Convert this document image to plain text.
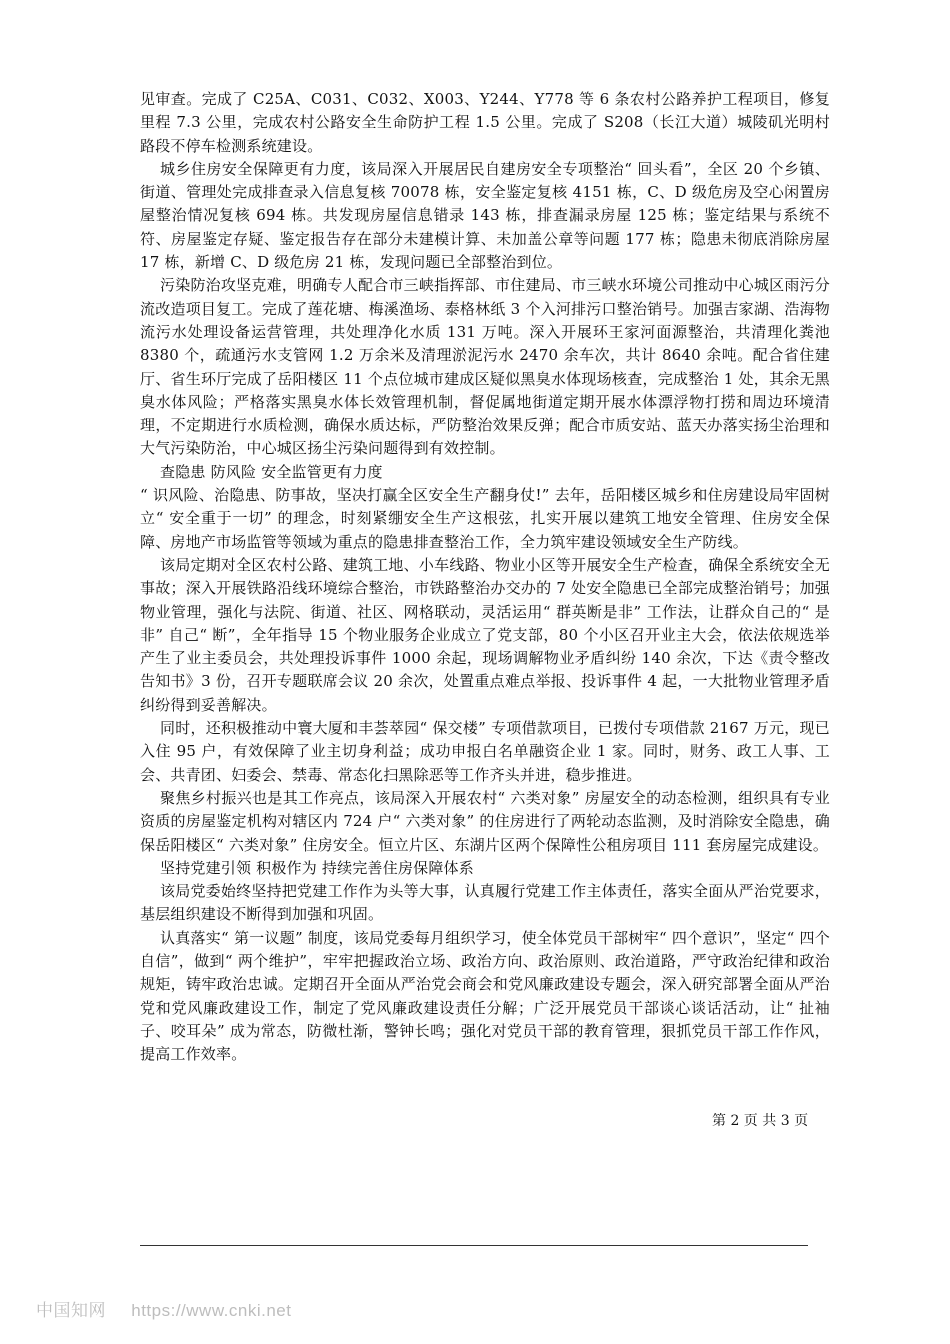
见审查。完成了 C25A、C031、C032、X003、Y244、Y778 等 6 条农村公路养护工程项目，修复里程 7.3 公里，完成农村公路安全生命防护工程 1.5 公里。完成了 S208（长江大道）城陵矶光明村路段不停车检测系统建设。

城乡住房安全保障更有力度，该局深入开展居民自建房安全专项整治“ 回头看”，全区 20 个乡镇、街道、管理处完成排查录入信息复核 70078 栋，安全鉴定复核 4151 栋，C、D 级危房及空心闲置房屋整治情况复核 694 栋。共发现房屋信息错录 143 栋，排查漏录房屋 125 栋；鉴定结果与系统不符、房屋鉴定存疑、鉴定报告存在部分未建模计算、未加盖公章等问题 177 栋；隐患未彻底消除房屋 17 栋，新增 C、D 级危房 21 栋，发现问题已全部整治到位。

污染防治攻坚克难，明确专人配合市三峡指挥部、市住建局、市三峡水环境公司推动中心城区雨污分流改造项目复工。完成了莲花塘、梅溪渔场、泰格林纸 3 个入河排污口整治销号。加强吉家湖、浩海物流污水处理设备运营管理，共处理净化水质 131 万吨。深入开展环王家河面源整治，共清理化粪池 8380 个，疏通污水支管网 1.2 万余米及清理淤泥污水 2470 余车次，共计 8640 余吨。配合省住建厅、省生环厅完成了岳阳楼区 11 个点位城市建成区疑似黑臭水体现场核查，完成整治 1 处，其余无黑臭水体风险；严格落实黑臭水体长效管理机制，督促属地街道定期开展水体漂浮物打捞和周边环境清理，不定期进行水质检测，确保水质达标，严防整治效果反弹；配合市质安站、蓝天办落实扬尘治理和大气污染防治，中心城区扬尘污染问题得到有效控制。

查隐患 防风险 安全监管更有力度

“ 识风险、治隐患、防事故，坚决打赢全区安全生产翻身仗!” 去年，岳阳楼区城乡和住房建设局牢固树立“ 安全重于一切” 的理念，时刻紧绷安全生产这根弦，扎实开展以建筑工地安全管理、住房安全保障、房地产市场监管等领域为重点的隐患排查整治工作，全力筑牢建设领域安全生产防线。

该局定期对全区农村公路、建筑工地、小车线路、物业小区等开展安全生产检查，确保全系统安全无事故；深入开展铁路沿线环境综合整治，市铁路整治办交办的 7 处安全隐患已全部完成整治销号；加强物业管理，强化与法院、街道、社区、网格联动，灵活运用“ 群英断是非” 工作法，让群众自己的“ 是非” 自己“ 断”，全年指导 15 个物业服务企业成立了党支部，80 个小区召开业主大会，依法依规选举产生了业主委员会，共处理投诉事件 1000 余起，现场调解物业矛盾纠纷 140 余次，下达《责令整改告知书》3 份，召开专题联席会议 20 余次，处置重点难点举报、投诉事件 4 起，一大批物业管理矛盾纠纷得到妥善解决。

同时，还积极推动中寰大厦和丰荟萃园“ 保交楼” 专项借款项目，已拨付专项借款 2167 万元，现已入住 95 户，有效保障了业主切身利益；成功申报白名单融资企业 1 家。同时，财务、政工人事、工会、共青团、妇委会、禁毒、常态化扫黑除恶等工作齐头并进，稳步推进。

聚焦乡村振兴也是其工作亮点，该局深入开展农村“ 六类对象” 房屋安全的动态检测，组织具有专业资质的房屋鉴定机构对辖区内 724 户“ 六类对象” 的住房进行了两轮动态监测，及时消除安全隐患，确保岳阳楼区“ 六类对象” 住房安全。恒立片区、东湖片区两个保障性公租房项目 111 套房屋完成建设。

坚持党建引领 积极作为 持续完善住房保障体系

该局党委始终坚持把党建工作作为头等大事，认真履行党建工作主体责任，落实全面从严治党要求，基层组织建设不断得到加强和巩固。

认真落实“ 第一议题” 制度，该局党委每月组织学习，使全体党员干部树牢“ 四个意识”，坚定“ 四个自信”，做到“ 两个维护”，牢牢把握政治立场、政治方向、政治原则、政治道路，严守政治纪律和政治规矩，铸牢政治忠诚。定期召开全面从严治党会商会和党风廉政建设专题会，深入研究部署全面从严治党和党风廉政建设工作，制定了党风廉政建设责任分解；广泛开展党员干部谈心谈话活动，让“ 扯袖子、咬耳朵” 成为常态，防微杜渐，警钟长鸣；强化对党员干部的教育管理，狠抓党员干部工作作风，提高工作效率。

第 2 页 共 3 页
中国知网 https://www.cnki.net
